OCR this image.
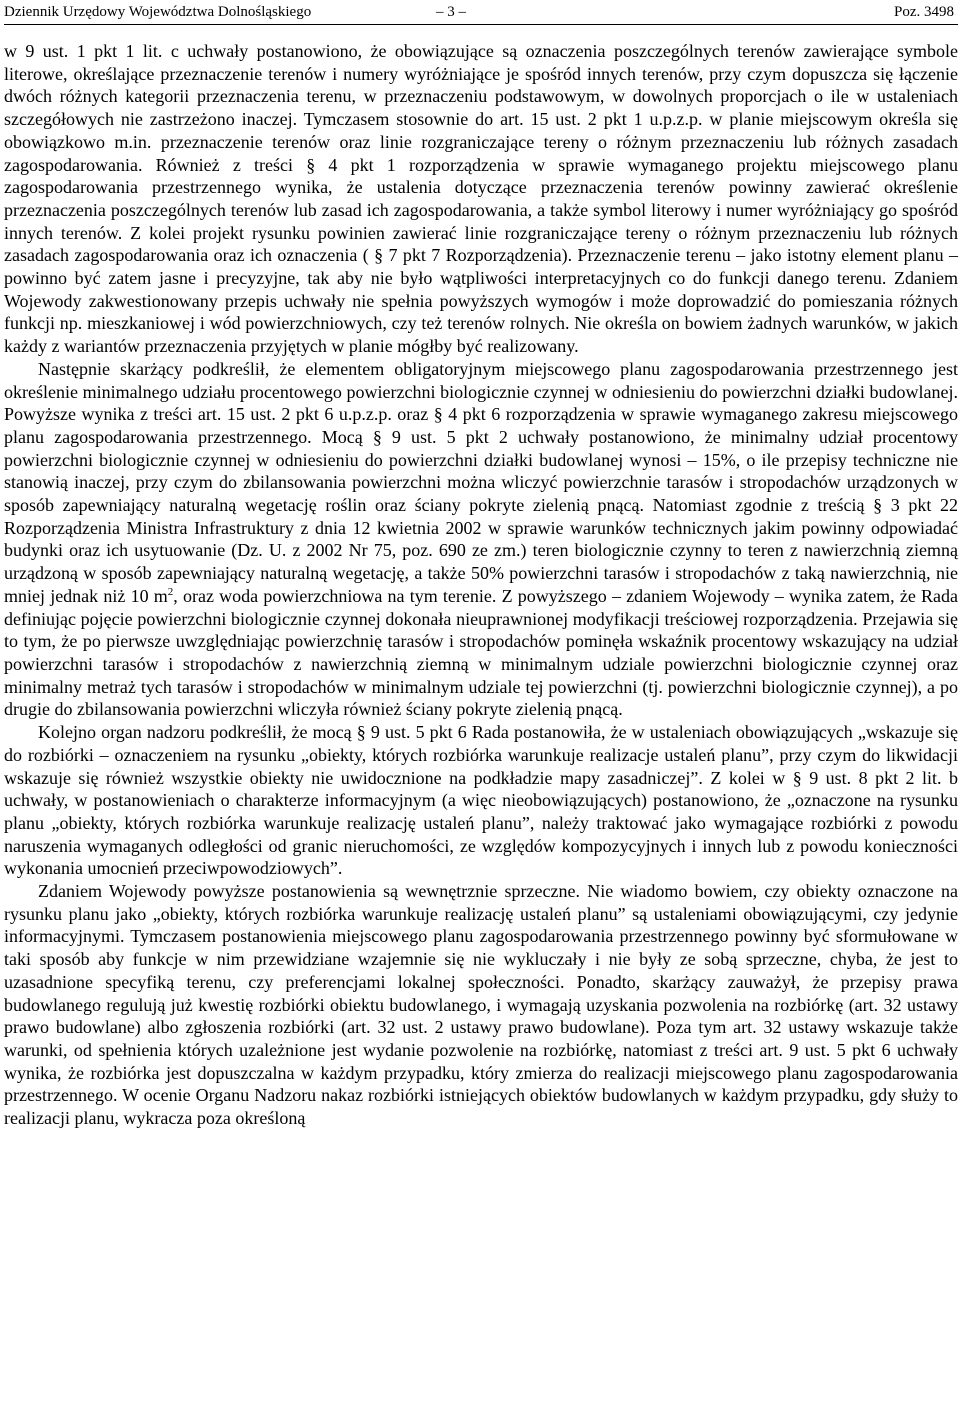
Dziennik Urzędowy Województwa Dolnośląskiego	– 3 –	Poz. 3498

w 9 ust. 1 pkt 1 lit. c uchwały postanowiono, że obowiązujące są oznaczenia poszczególnych terenów zawierające symbole literowe, określające przeznaczenie terenów i numery wyróżniające je spośród innych terenów, przy czym dopuszcza się łączenie dwóch różnych kategorii przeznaczenia terenu, w przeznaczeniu podstawowym, w dowolnych proporcjach o ile w ustaleniach szczegółowych nie zastrzeżono inaczej. Tymczasem stosownie do art. 15 ust. 2 pkt 1 u.p.z.p. w planie miejscowym określa się obowiązkowo m.in. przeznaczenie terenów oraz linie rozgraniczające tereny o różnym przeznaczeniu lub różnych zasadach zagospodarowania. Również z treści § 4 pkt 1 rozporządzenia w sprawie wymaganego projektu miejscowego planu zagospodarowania przestrzennego wynika, że ustalenia dotyczące przeznaczenia terenów powinny zawierać określenie przeznaczenia poszczególnych terenów lub zasad ich zagospodarowania, a także symbol literowy i numer wyróżniający go spośród innych terenów. Z kolei projekt rysunku powinien zawierać linie rozgraniczające tereny o różnym przeznaczeniu lub różnych zasadach zagospodarowania oraz ich oznaczenia ( § 7 pkt 7 Rozporządzenia). Przeznaczenie terenu – jako istotny element planu – powinno być zatem jasne i precyzyjne, tak aby nie było wątpliwości interpretacyjnych co do funkcji danego terenu. Zdaniem Wojewody zakwestionowany przepis uchwały nie spełnia powyższych wymogów i może doprowadzić do pomieszania różnych funkcji np. mieszkaniowej i wód powierzchniowych, czy też terenów rolnych. Nie określa on bowiem żadnych warunków, w jakich każdy z wariantów przeznaczenia przyjętych w planie mógłby być realizowany.

Następnie skarżący podkreślił, że elementem obligatoryjnym miejscowego planu zagospodarowania przestrzennego jest określenie minimalnego udziału procentowego powierzchni biologicznie czynnej w odniesieniu do powierzchni działki budowlanej. Powyższe wynika z treści art. 15 ust. 2 pkt 6 u.p.z.p. oraz § 4 pkt 6 rozporządzenia w sprawie wymaganego zakresu miejscowego planu zagospodarowania przestrzennego. Mocą § 9 ust. 5 pkt 2 uchwały postanowiono, że minimalny udział procentowy powierzchni biologicznie czynnej w odniesieniu do powierzchni działki budowlanej wynosi – 15%, o ile przepisy techniczne nie stanowią inaczej, przy czym do zbilansowania powierzchni można wliczyć powierzchnie tarasów i stropodachów urządzonych w sposób zapewniający naturalną wegetację roślin oraz ściany pokryte zielenią pnącą. Natomiast zgodnie z treścią § 3 pkt 22 Rozporządzenia Ministra Infrastruktury z dnia 12 kwietnia 2002 w sprawie warunków technicznych jakim powinny odpowiadać budynki oraz ich usytuowanie (Dz. U. z 2002 Nr 75, poz. 690 ze zm.) teren biologicznie czynny to teren z nawierzchnią ziemną urządzoną w sposób zapewniający naturalną wegetację, a także 50% powierzchni tarasów i stropodachów z taką nawierzchnią, nie mniej jednak niż 10 $m^2$, oraz woda powierzchniowa na tym terenie. Z powyższego – zdaniem Wojewody – wynika zatem, że Rada definiując pojęcie powierzchni biologicznie czynnej dokonała nieuprawnionej modyfikacji treściowej rozporządzenia. Przejawia się to tym, że po pierwsze uwzględniając powierzchnię tarasów i stropodachów pominęła wskaźnik procentowy wskazujący na udział powierzchni tarasów i stropodachów z nawierzchnią ziemną w minimalnym udziale powierzchni biologicznie czynnej oraz minimalny metraż tych tarasów i stropodachów w minimalnym udziale tej powierzchni (tj. powierzchni biologicznie czynnej), a po drugie do zbilansowania powierzchni wliczyła również ściany pokryte zielenią pnącą.

Kolejno organ nadzoru podkreślił, że mocą § 9 ust. 5 pkt 6 Rada postanowiła, że w ustaleniach obowiązujących „wskazuje się do rozbiórki – oznaczeniem na rysunku „obiekty, których rozbiórka warunkuje realizacje ustaleń planu”, przy czym do likwidacji wskazuje się również wszystkie obiekty nie uwidocznione na podkładzie mapy zasadniczej”. Z kolei w § 9 ust. 8 pkt 2 lit. b uchwały, w postanowieniach o charakterze informacyjnym (a więc nieobowiązujących) postanowiono, że „oznaczone na rysunku planu „obiekty, których rozbiórka warunkuje realizację ustaleń planu”, należy traktować jako wymagające rozbiórki z powodu naruszenia wymaganych odległości od granic nieruchomości, ze względów kompozycyjnych i innych lub z powodu konieczności wykonania umocnień przeciwpowodziowych”.

Zdaniem Wojewody powyższe postanowienia są wewnętrznie sprzeczne. Nie wiadomo bowiem, czy obiekty oznaczone na rysunku planu jako „obiekty, których rozbiórka warunkuje realizację ustaleń planu” są ustaleniami obowiązującymi, czy jedynie informacyjnymi. Tymczasem postanowienia miejscowego planu zagospodarowania przestrzennego powinny być sformułowane w taki sposób aby funkcje w nim przewidziane wzajemnie się nie wykluczały i nie były ze sobą sprzeczne, chyba, że jest to uzasadnione specyfiką terenu, czy preferencjami lokalnej społeczności. Ponadto, skarżący zauważył, że przepisy prawa budowlanego regulują już kwestię rozbiórki obiektu budowlanego, i wymagają uzyskania pozwolenia na rozbiórkę (art. 32 ustawy prawo budowlane) albo zgłoszenia rozbiórki (art. 32 ust. 2 ustawy prawo budowlane). Poza tym art. 32 ustawy wskazuje także warunki, od spełnienia których uzależnione jest wydanie pozwolenie na rozbiórkę, natomiast z treści art. 9 ust. 5 pkt 6 uchwały wynika, że rozbiórka jest dopuszczalna w każdym przypadku, który zmierza do realizacji miejscowego planu zagospodarowania przestrzennego. W ocenie Organu Nadzoru nakaz rozbiórki istniejących obiektów budowlanych w każdym przypadku, gdy służy to realizacji planu, wykracza poza określoną
